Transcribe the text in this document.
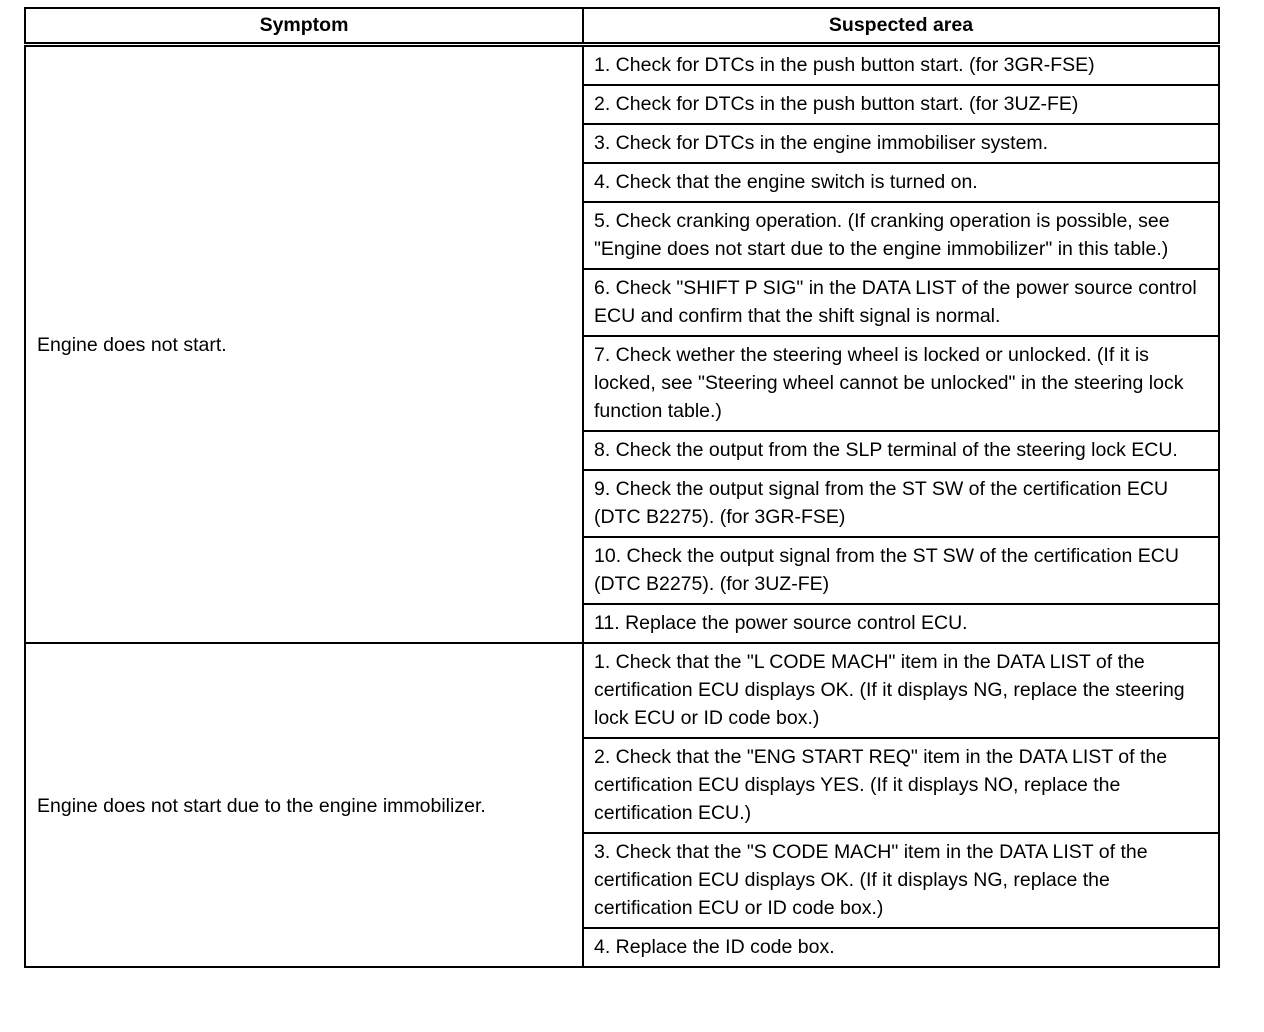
Symptom	Suspected area
Engine does not start.	1. Check for DTCs in the push button start. (for 3GR-FSE)
	2. Check for DTCs in the push button start. (for 3UZ-FE)
	3. Check for DTCs in the engine immobiliser system.
	4. Check that the engine switch is turned on.
	5. Check cranking operation. (If cranking operation is possible, see "Engine does not start due to the engine immobilizer" in this table.)
	6. Check "SHIFT P SIG" in the DATA LIST of the power source control ECU and confirm that the shift signal is normal.
	7. Check wether the steering wheel is locked or unlocked. (If it is locked, see "Steering wheel cannot be unlocked" in the steering lock function table.)
	8. Check the output from the SLP terminal of the steering lock ECU.
	9. Check the output signal from the ST SW of the certification ECU (DTC B2275). (for 3GR-FSE)
	10. Check the output signal from the ST SW of the certification ECU (DTC B2275). (for 3UZ-FE)
	11. Replace the power source control ECU.
Engine does not start due to the engine immobilizer.	1. Check that the "L CODE MACH" item in the DATA LIST of the certification ECU displays OK. (If it displays NG, replace the steering lock ECU or ID code box.)
	2. Check that the "ENG START REQ" item in the DATA LIST of the certification ECU displays YES. (If it displays NO, replace the certification ECU.)
	3. Check that the "S CODE MACH" item in the DATA LIST of the certification ECU displays OK. (If it displays NG, replace the certification ECU or ID code box.)
	4. Replace the ID code box.
